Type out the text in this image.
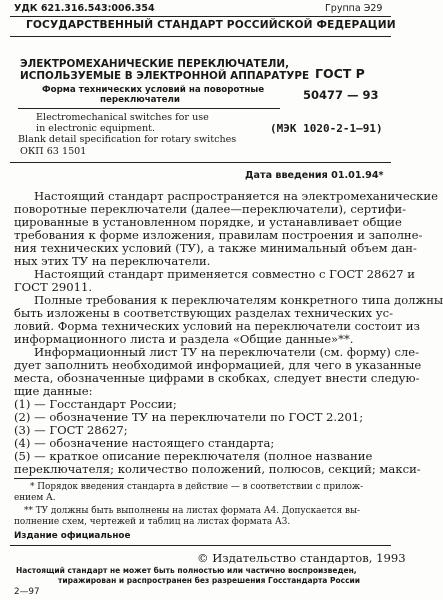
УДК 621.316.543:006.354	Группа Э29
ГОСУДАРСТВЕННЫЙ СТАНДАРТ РОССИЙСКОЙ ФЕДЕРАЦИИ
ЭЛЕКТРОМЕХАНИЧЕСКИЕ ПЕРЕКЛЮЧАТЕЛИ,
ИСПОЛЬЗУЕМЫЕ В ЭЛЕКТРОННОЙ АППАРАТУРЕ
Форма технических условий на поворотные
переключатели
Electromechanical switches for use
in electronic equipment.
Blank detail specification for rotary switches
ОКП 63 1501
ГОСТ Р
50477 — 93
(МЭК 1020-2-1—91)
Дата введения 01.01.94*
Настоящий стандарт распространяется на электромеханические
поворотные переключатели (далее—переключатели), сертифи-
цированные в установленном порядке, и устанавливает общие
требования к форме изложения, правилам построения и заполне-
ния технических условий (ТУ), а также минимальный объем дан-
ных этих ТУ на переключатели.
Настоящий стандарт применяется совместно с ГОСТ 28627 и
ГОСТ 29011.
Полные требования к переключателям конкретного типа должны
быть изложены в соответствующих разделах технических ус-
ловий. Форма технических условий на переключатели состоит из
информационного листа и раздела «Общие данные»**.
Информационный лист ТУ на переключатели (см. форму) сле-
дует заполнить необходимой информацией, для чего в указанные
места, обозначенные цифрами в скобках, следует внести следую-
щие данные:
(1) — Госстандарт России;
(2) — обозначение ТУ на переключатели по ГОСТ 2.201;
(3) — ГОСТ 28627;
(4) — обозначение настоящего стандарта;
(5) — краткое описание переключателя (полное название
переключателя; количество положений, полюсов, секций; макси-
* Порядок введения стандарта в действие — в соответствии с прилож-
ением А.
** ТУ должны быть выполнены на листах формата А4. Допускается вы-
полнение схем, чертежей и таблиц на листах формата А3.
Издание официальное
© Издательство стандартов, 1993
Настоящий стандарт не может быть полностью или частично воспроизведен,
тиражирован и распространен без разрешения Госстандарта России
2—97
